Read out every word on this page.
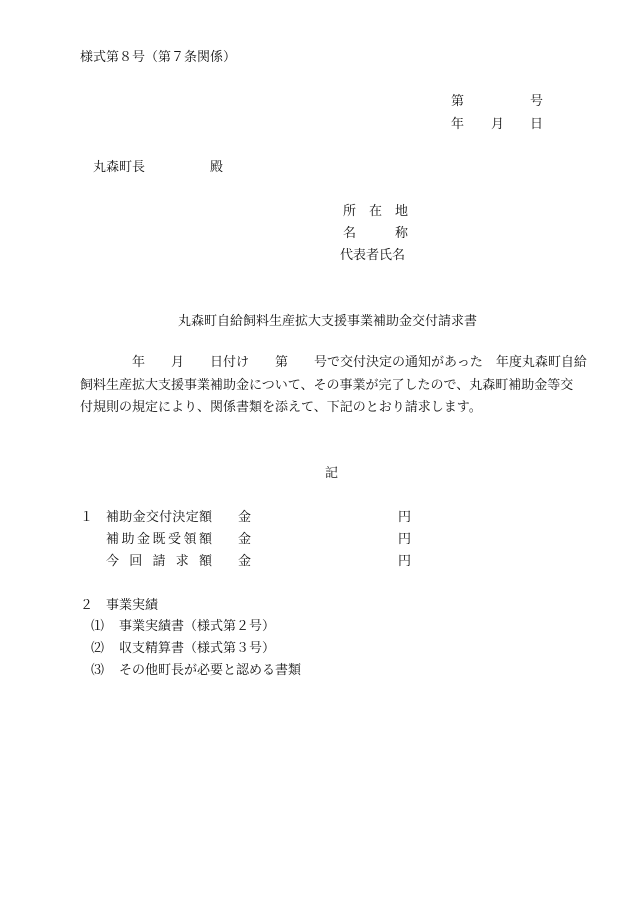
様式第８号（第７条関係）
第	号
年 月 日
丸森町長	殿
所　在　地
名　　　称
代表者氏名
丸森町自給飼料生産拡大支援事業補助金交付請求書
　　　　年　　月　　日付け　　第　　号で交付決定の通知があった　年度丸森町自給
飼料生産拡大支援事業補助金について、その事業が完了したので、丸森町補助金等交
付規則の規定により、関係書類を添えて、下記のとおり請求します。
記
１ 補助金交付決定額 金	円
補助金既受領額 金	円
今回請求額 金	円
２ 事業実績
⑴ 事業実績書（様式第２号）
⑵ 収支精算書（様式第３号）
⑶ その他町長が必要と認める書類
